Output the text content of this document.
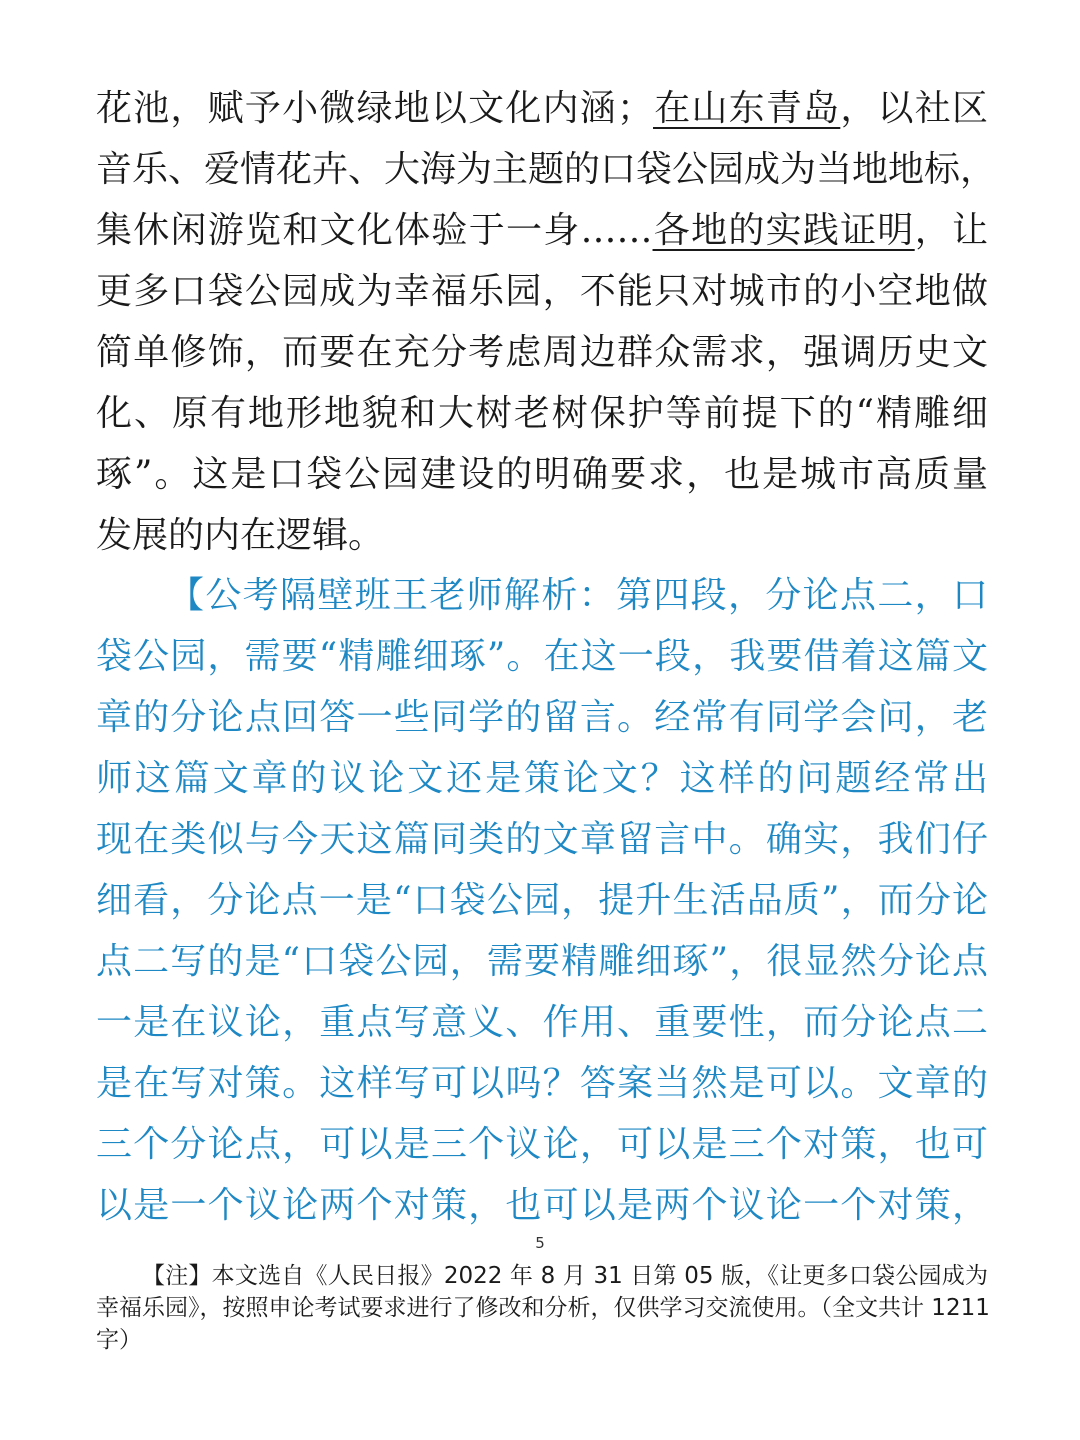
花池，赋予小微绿地以文化内涵；在山东青岛，以社区
音乐、爱情花卉、大海为主题的口袋公园成为当地地标，
集休闲游览和文化体验于一身……各地的实践证明，让
更多口袋公园成为幸福乐园，不能只对城市的小空地做
简单修饰，而要在充分考虑周边群众需求，强调历史文
化、原有地形地貌和大树老树保护等前提下的“精雕细
琢”。这是口袋公园建设的明确要求，也是城市高质量
发展的内在逻辑。
【公考隔壁班王老师解析：第四段，分论点二，口
袋公园，需要“精雕细琢”。在这一段，我要借着这篇文
章的分论点回答一些同学的留言。经常有同学会问，老
师这篇文章的议论文还是策论文？这样的问题经常出
现在类似与今天这篇同类的文章留言中。确实，我们仔
细看，分论点一是“口袋公园，提升生活品质”，而分论
点二写的是“口袋公园，需要精雕细琢”，很显然分论点
一是在议论，重点写意义、作用、重要性，而分论点二
是在写对策。这样写可以吗？答案当然是可以。文章的
三个分论点，可以是三个议论，可以是三个对策，也可
以是一个议论两个对策，也可以是两个议论一个对策，
5
【注】本文选自《人民日报》2022 年 8 月 31 日第 05 版，《让更多口袋公园成为
幸福乐园》，按照申论考试要求进行了修改和分析，仅供学习交流使用。（全文共计 1211
字）
